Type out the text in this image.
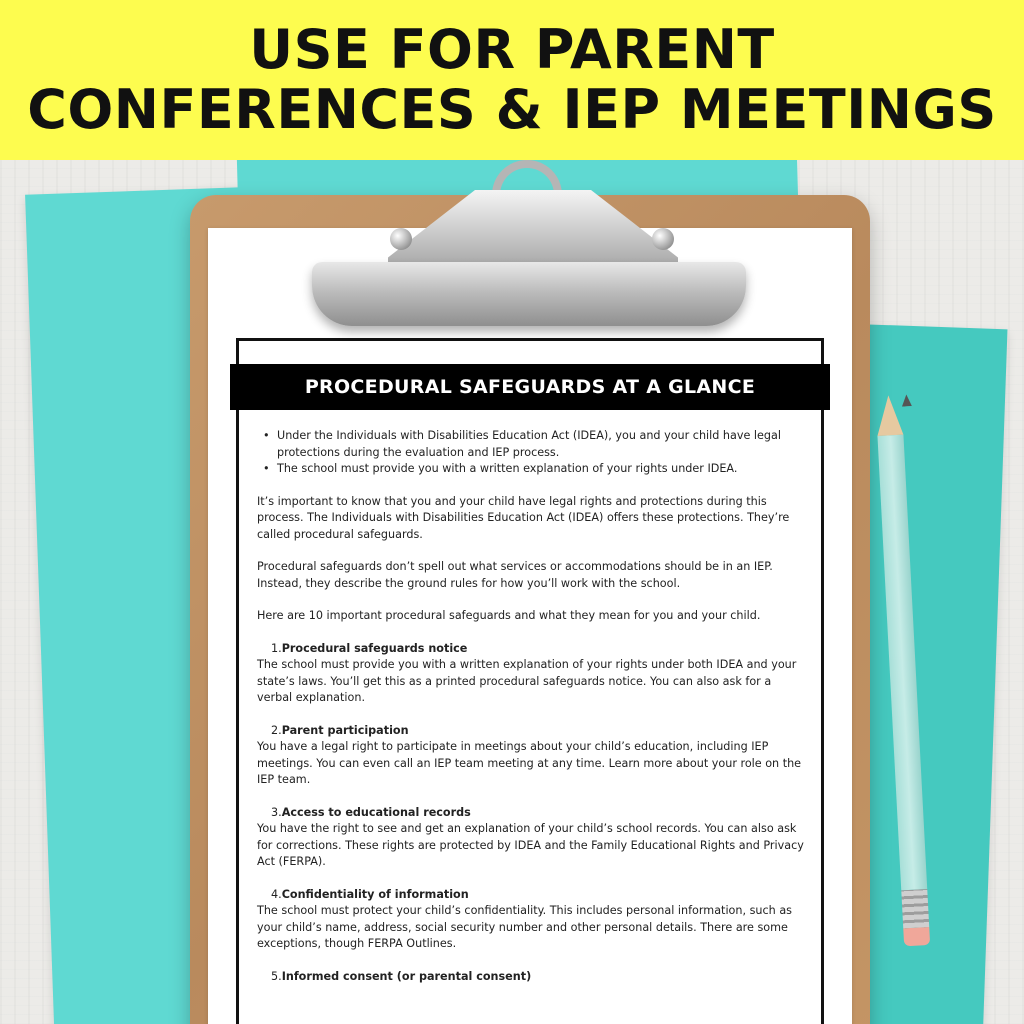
USE FOR PARENT
CONFERENCES & IEP MEETINGS
PROCEDURAL SAFEGUARDS AT A GLANCE
• Under the Individuals with Disabilities Education Act (IDEA), you and your child have legal protections during the evaluation and IEP process.
• The school must provide you with a written explanation of your rights under IDEA.

It’s important to know that you and your child have legal rights and protections during this process. The Individuals with Disabilities Education Act (IDEA) offers these protections. They’re called procedural safeguards.

Procedural safeguards don’t spell out what services or accommodations should be in an IEP. Instead, they describe the ground rules for how you’ll work with the school.

Here are 10 important procedural safeguards and what they mean for you and your child.

1.Procedural safeguards notice
The school must provide you with a written explanation of your rights under both IDEA and your state’s laws. You’ll get this as a printed procedural safeguards notice. You can also ask for a verbal explanation.
2.Parent participation
You have a legal right to participate in meetings about your child’s education, including IEP meetings. You can even call an IEP team meeting at any time. Learn more about your role on the IEP team.
3.Access to educational records
You have the right to see and get an explanation of your child’s school records. You can also ask for corrections. These rights are protected by IDEA and the Family Educational Rights and Privacy Act (FERPA).
4.Confidentiality of information
The school must protect your child’s confidentiality. This includes personal information, such as your child’s name, address, social security number and other personal details. There are some exceptions, though FERPA Outlines.
5.Informed consent (or parental consent)
